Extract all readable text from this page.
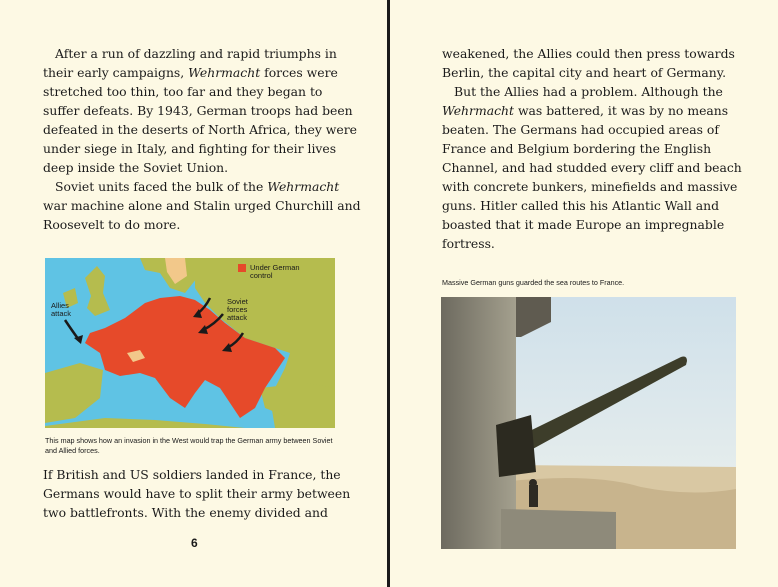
After a run of dazzling and rapid triumphs in their early campaigns, Wehrmacht forces were stretched too thin, too far and they began to suffer defeats. By 1943, German troops had been defeated in the deserts of North Africa, they were under siege in Italy, and fighting for their lives deep inside the Soviet Union.

Soviet units faced the bulk of the Wehrmacht war machine alone and Stalin urged Churchill and Roosevelt to do more.

Under German
control
Allies
attack
Soviet
forces
attack
This map shows how an invasion in the West would trap the German army between Soviet and Allied forces.

If British and US soldiers landed in France, the Germans would have to split their army between two battlefronts. With the enemy divided and

6

weakened, the Allies could then press towards Berlin, the capital city and heart of Germany.

But the Allies had a problem. Although the Wehrmacht was battered, it was by no means beaten. The Germans had occupied areas of France and Belgium bordering the English Channel, and had studded every cliff and beach with concrete bunkers, minefields and massive guns. Hitler called this his Atlantic Wall and boasted that it made Europe an impregnable fortress.

Massive German guns guarded the sea routes to France.
